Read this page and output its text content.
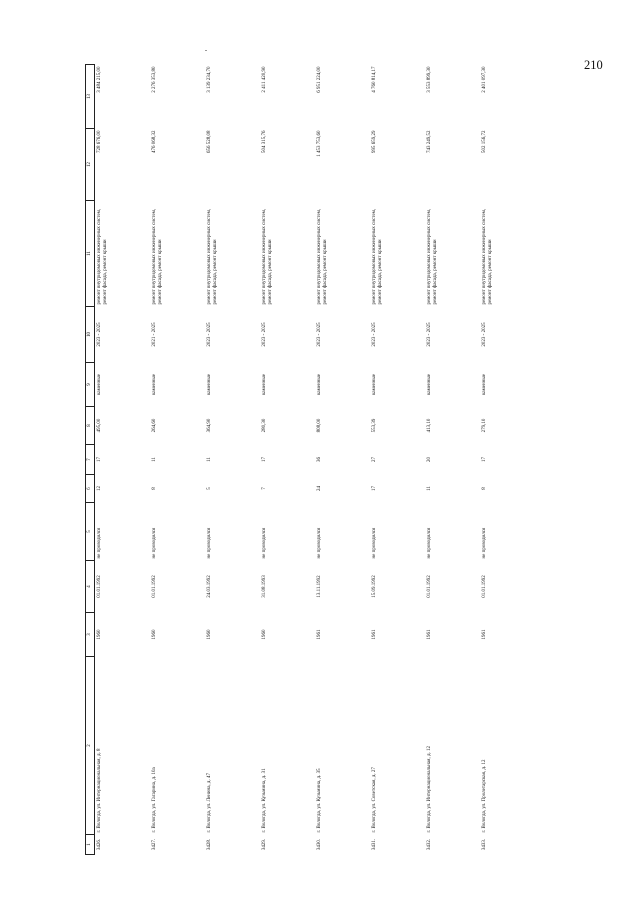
210
1	2	3	4	5	6	7	8	9	10	11	12	13
3426.	г. Вологда, ул. Интернациональная, д. 8	1960	01.01.1992	не проводился	12	17	495,00	каменные	2023 - 2025	ремонт внутридомовых инженерных систем, ремонт фасада, ремонт крыши	728 676,00	3 484 215,00
3427.	г. Вологда, ул. Гагарина, д. 10а	1960	01.01.1992	не проводился	8	11	264,60	каменные	2021 - 2025	ремонт внутридомовых инженерных систем, ремонт фасада, ремонт крыши	476 068,32	2 276 353,80
3428.	г. Вологда, ул. Ленина, д. 47	1960	24.03.1992	не проводился	5	11	364,90	каменные	2023 - 2025	ремонт внутридомовых инженерных систем, ремонт фасада, ремонт крыши	656 528,08	3 139 234,70
3429.	г. Вологда, ул. Кузьмина, д. 31	1960	31.08.1993	не проводился	7	17	280,30	каменные	2023 - 2025	ремонт внутридомовых инженерных систем, ремонт фасада, ремонт крыши	504 315,76	2 411 420,90
3430.	г. Вологда, ул. Кузьмина, д. 35	1961	13.11.1992	не проводился	24	36	808,00	каменные	2023 - 2025	ремонт внутридомовых инженерных систем, ремонт фасада, ремонт крыши	1 453 753,60	6 951 224,00
3431.	г. Вологда, ул. Советская, д. 27	1961	15.09.1992	не проводился	17	27	553,39	каменные	2023 - 2025	ремонт внутридомовых инженерных систем, ремонт фасада, ремонт крыши	995 659,29	4 760 814,17
3432.	г. Вологда, ул. Интернациональная, д. 12	1961	01.01.1992	не проводился	11	20	413,10	каменные	2023 - 2025	ремонт внутридомовых инженерных систем, ремонт фасада, ремонт крыши	743 249,52	3 553 899,30
3433.	г. Вологда, ул. Пролетарская, д. 12	1961	01.01.1992	не проводился	8	17	279,10	каменные	2023 - 2025	ремонт внутридомовых инженерных систем, ремонт фасада, ремонт крыши	502 156,72	2 401 097,30
